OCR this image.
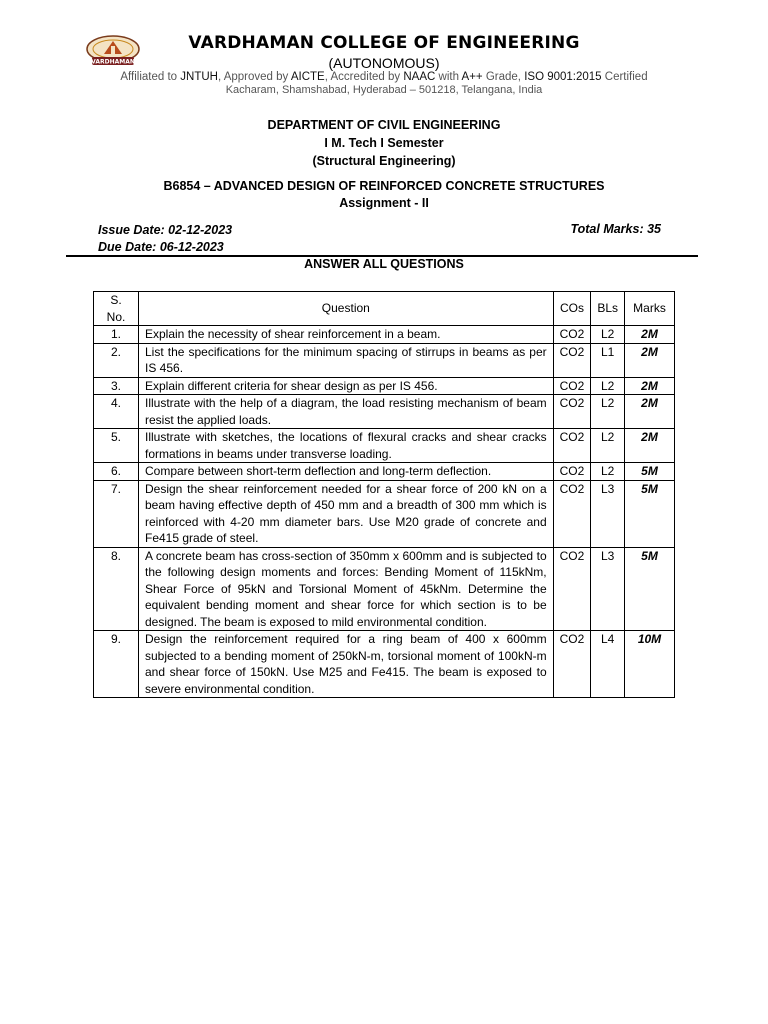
VARDHAMAN
VARDHAMAN COLLEGE OF ENGINEERING
(AUTONOMOUS)
Affiliated to JNTUH, Approved by AICTE, Accredited by NAAC with A++ Grade, ISO 9001:2015 Certified
Kacharam, Shamshabad, Hyderabad – 501218, Telangana, India
DEPARTMENT OF CIVIL ENGINEERING
I M. Tech I Semester
(Structural Engineering)
B6854 – ADVANCED DESIGN OF REINFORCED CONCRETE STRUCTURES
Assignment - II
Issue Date: 02-12-2023
Due Date: 06-12-2023
Total Marks: 35
ANSWER ALL QUESTIONS
S. No.	Question	COs	BLs	Marks
1.	Explain the necessity of shear reinforcement in a beam.	CO2	L2	2M
2.	List the specifications for the minimum spacing of stirrups in beams as per IS 456.	CO2	L1	2M
3.	Explain different criteria for shear design as per IS 456.	CO2	L2	2M
4.	Illustrate with the help of a diagram, the load resisting mechanism of beam resist the applied loads.	CO2	L2	2M
5.	Illustrate with sketches, the locations of flexural cracks and shear cracks formations in beams under transverse loading.	CO2	L2	2M
6.	Compare between short-term deflection and long-term deflection.	CO2	L2	5M
7.	Design the shear reinforcement needed for a shear force of 200 kN on a beam having effective depth of 450 mm and a breadth of 300 mm which is reinforced with 4-20 mm diameter bars. Use M20 grade of concrete and Fe415 grade of steel.	CO2	L3	5M
8.	A concrete beam has cross-section of 350mm x 600mm and is subjected to the following design moments and forces: Bending Moment of 115kNm, Shear Force of 95kN and Torsional Moment of 45kNm. Determine the equivalent bending moment and shear force for which section is to be designed. The beam is exposed to mild environmental condition.	CO2	L3	5M
9.	Design the reinforcement required for a ring beam of 400 x 600mm subjected to a bending moment of 250kN-m, torsional moment of 100kN-m and shear force of 150kN. Use M25 and Fe415. The beam is exposed to severe environmental condition.	CO2	L4	10M
